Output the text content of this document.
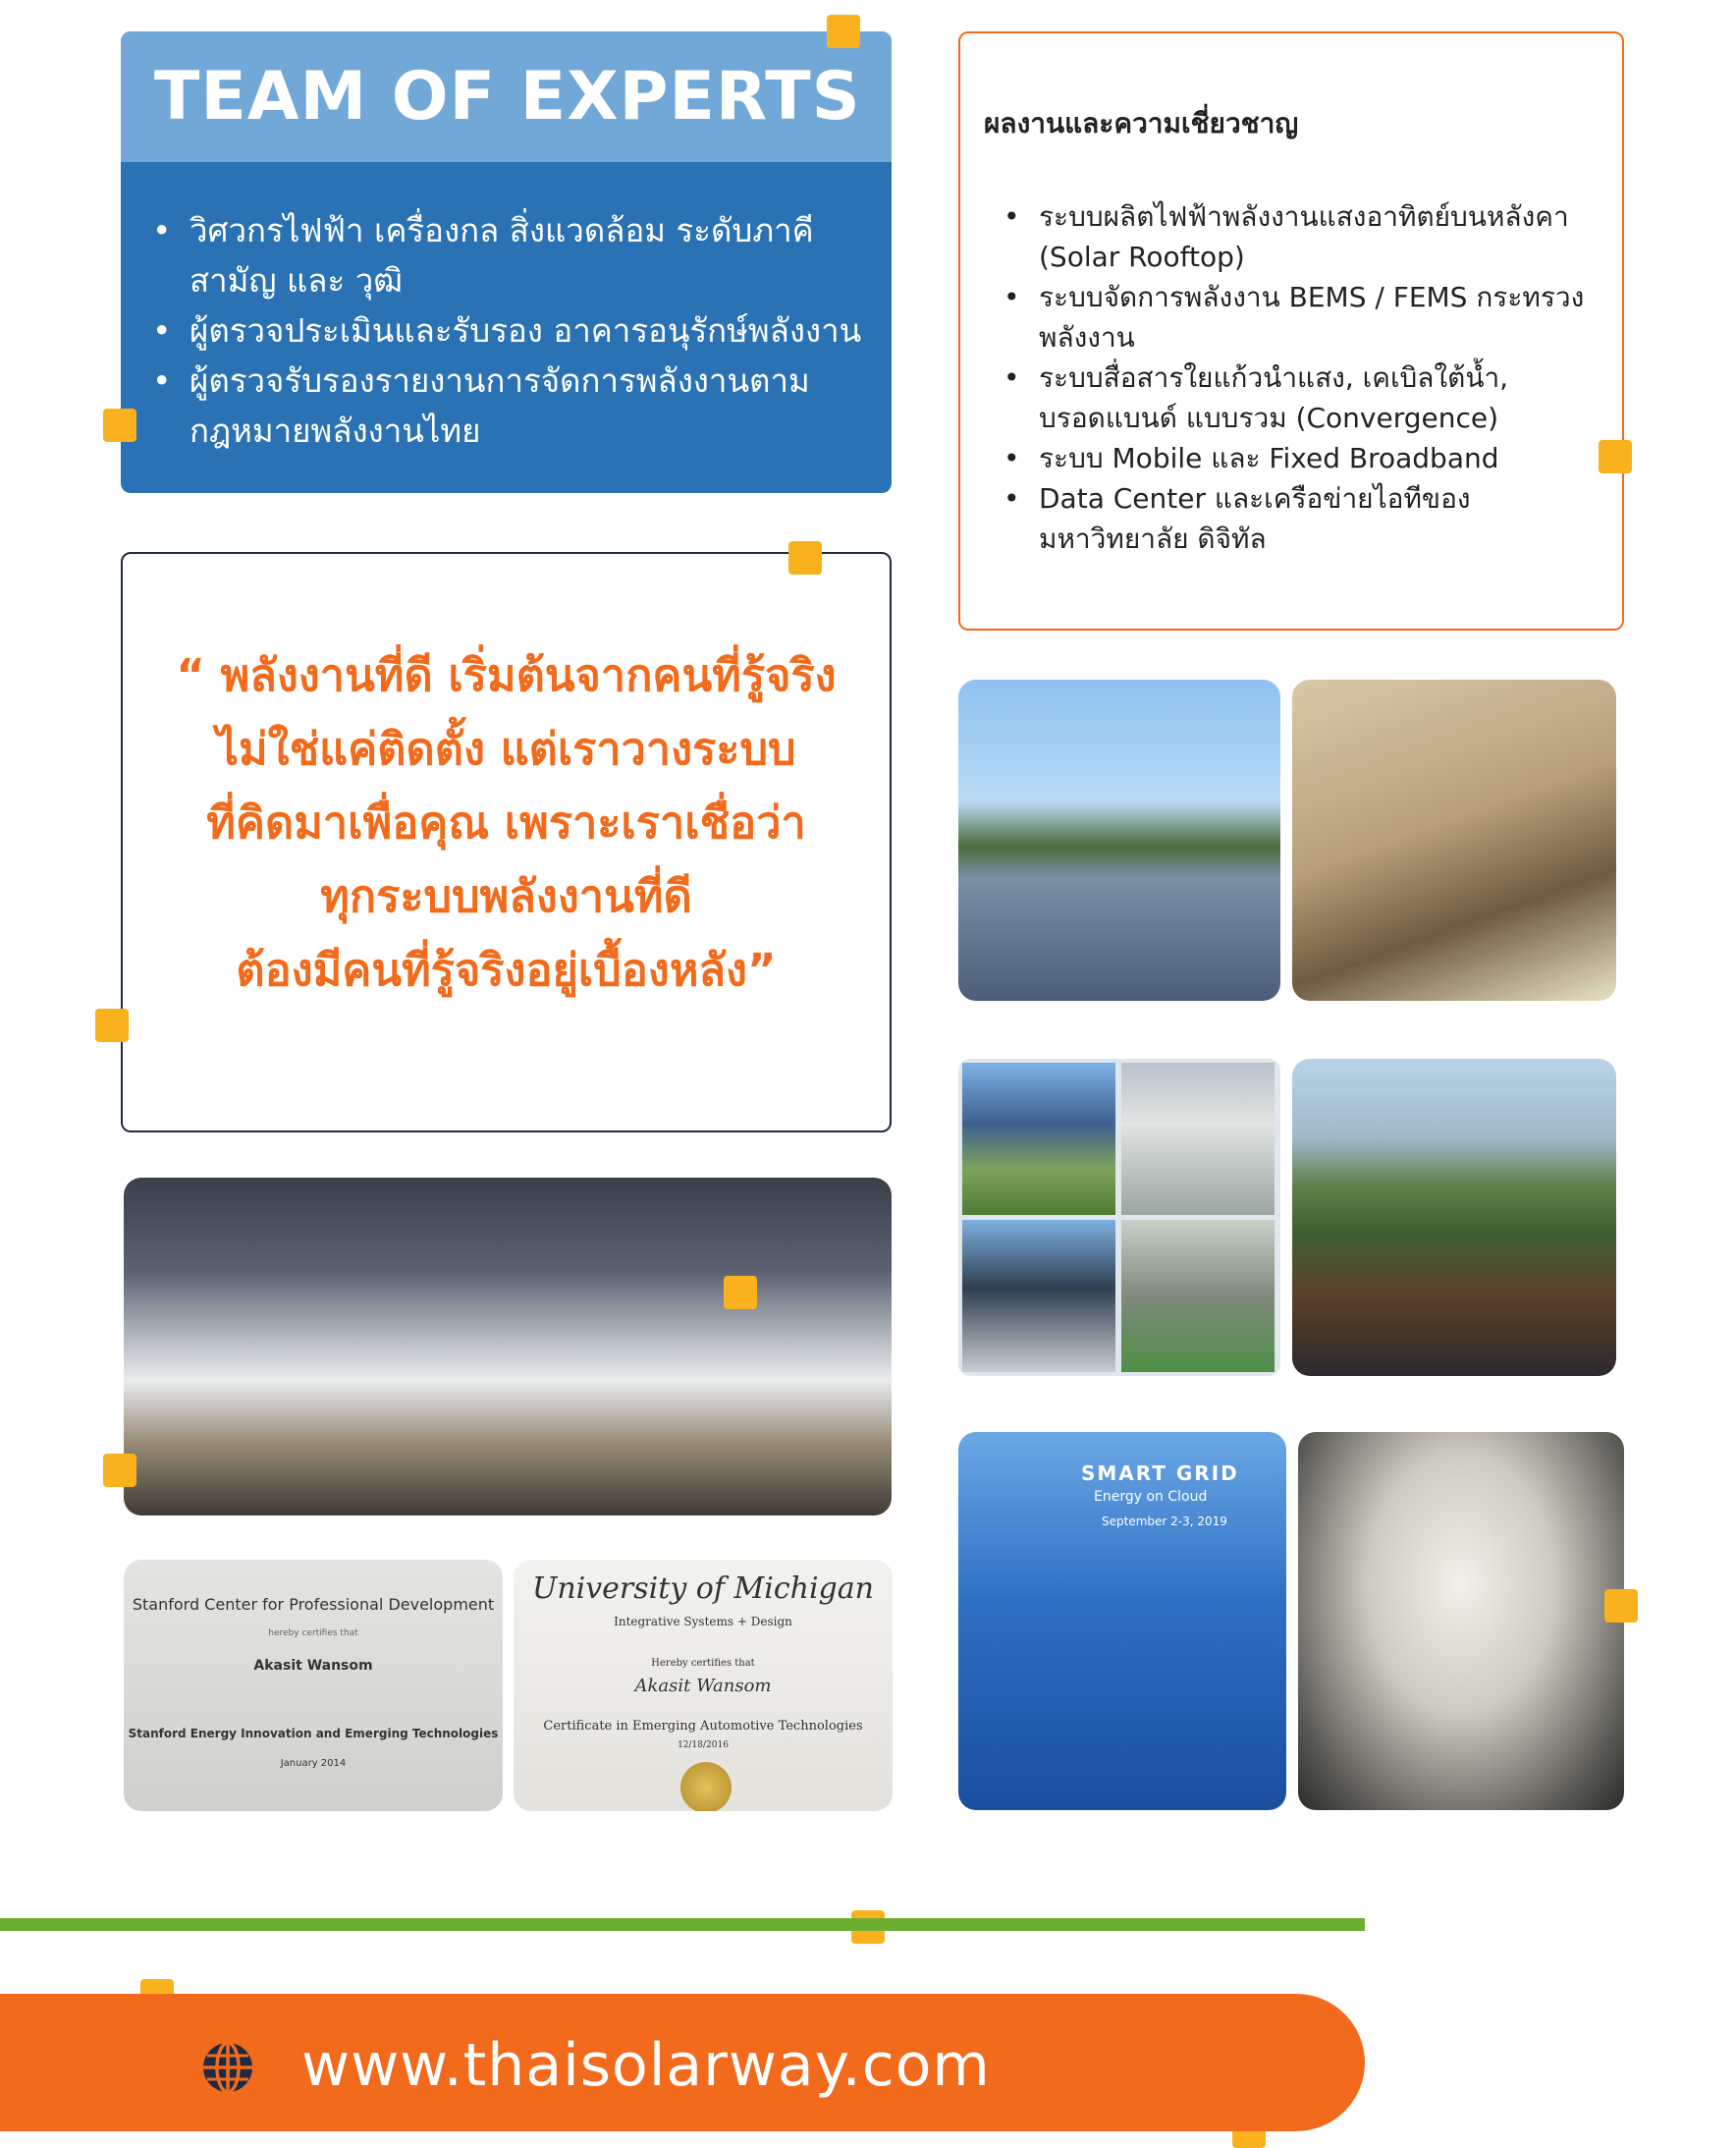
TEAM OF EXPERTS
• วิศวกรไฟฟ้า เครื่องกล สิ่งแวดล้อม ระดับภาคี สามัญ และ วุฒิ
• ผู้ตรวจประเมินและรับรอง อาคารอนุรักษ์พลังงาน
• ผู้ตรวจรับรองรายงานการจัดการพลังงานตาม กฎหมายพลังงานไทย
ผลงานและความเชี่ยวชาญ
• ระบบผลิตไฟฟ้าพลังงานแสงอาทิตย์บนหลังคา (Solar Rooftop)
• ระบบจัดการพลังงาน BEMS / FEMS กระทรวงพลังงาน
• ระบบสื่อสารใยแก้วนำแสง, เคเบิลใต้น้ำ, บรอดแบนด์ แบบรวม (Convergence)
• ระบบ Mobile และ Fixed Broadband
• Data Center และเครือข่ายไอทีของมหาวิทยาลัย ดิจิทัล

“ พลังงานที่ดี เริ่มต้นจากคนที่รู้จริง
ไม่ใช่แค่ติดตั้ง แต่เราวางระบบ
ที่คิดมาเพื่อคุณ เพราะเราเชื่อว่า
ทุกระบบพลังงานที่ดี
ต้องมีคนที่รู้จริงอยู่เบื้องหลัง”

Stanford Center for Professional Development
hereby certifies that
Akasit Wansom
Stanford Energy Innovation and Emerging Technologies
January 2014
University of Michigan
Integrative Systems + Design
Hereby certifies that
Akasit Wansom
Certificate in Emerging Automotive Technologies
12/18/2016
SMART GRID
Energy on Cloud
September 2-3, 2019
www.thaisolarway.com
